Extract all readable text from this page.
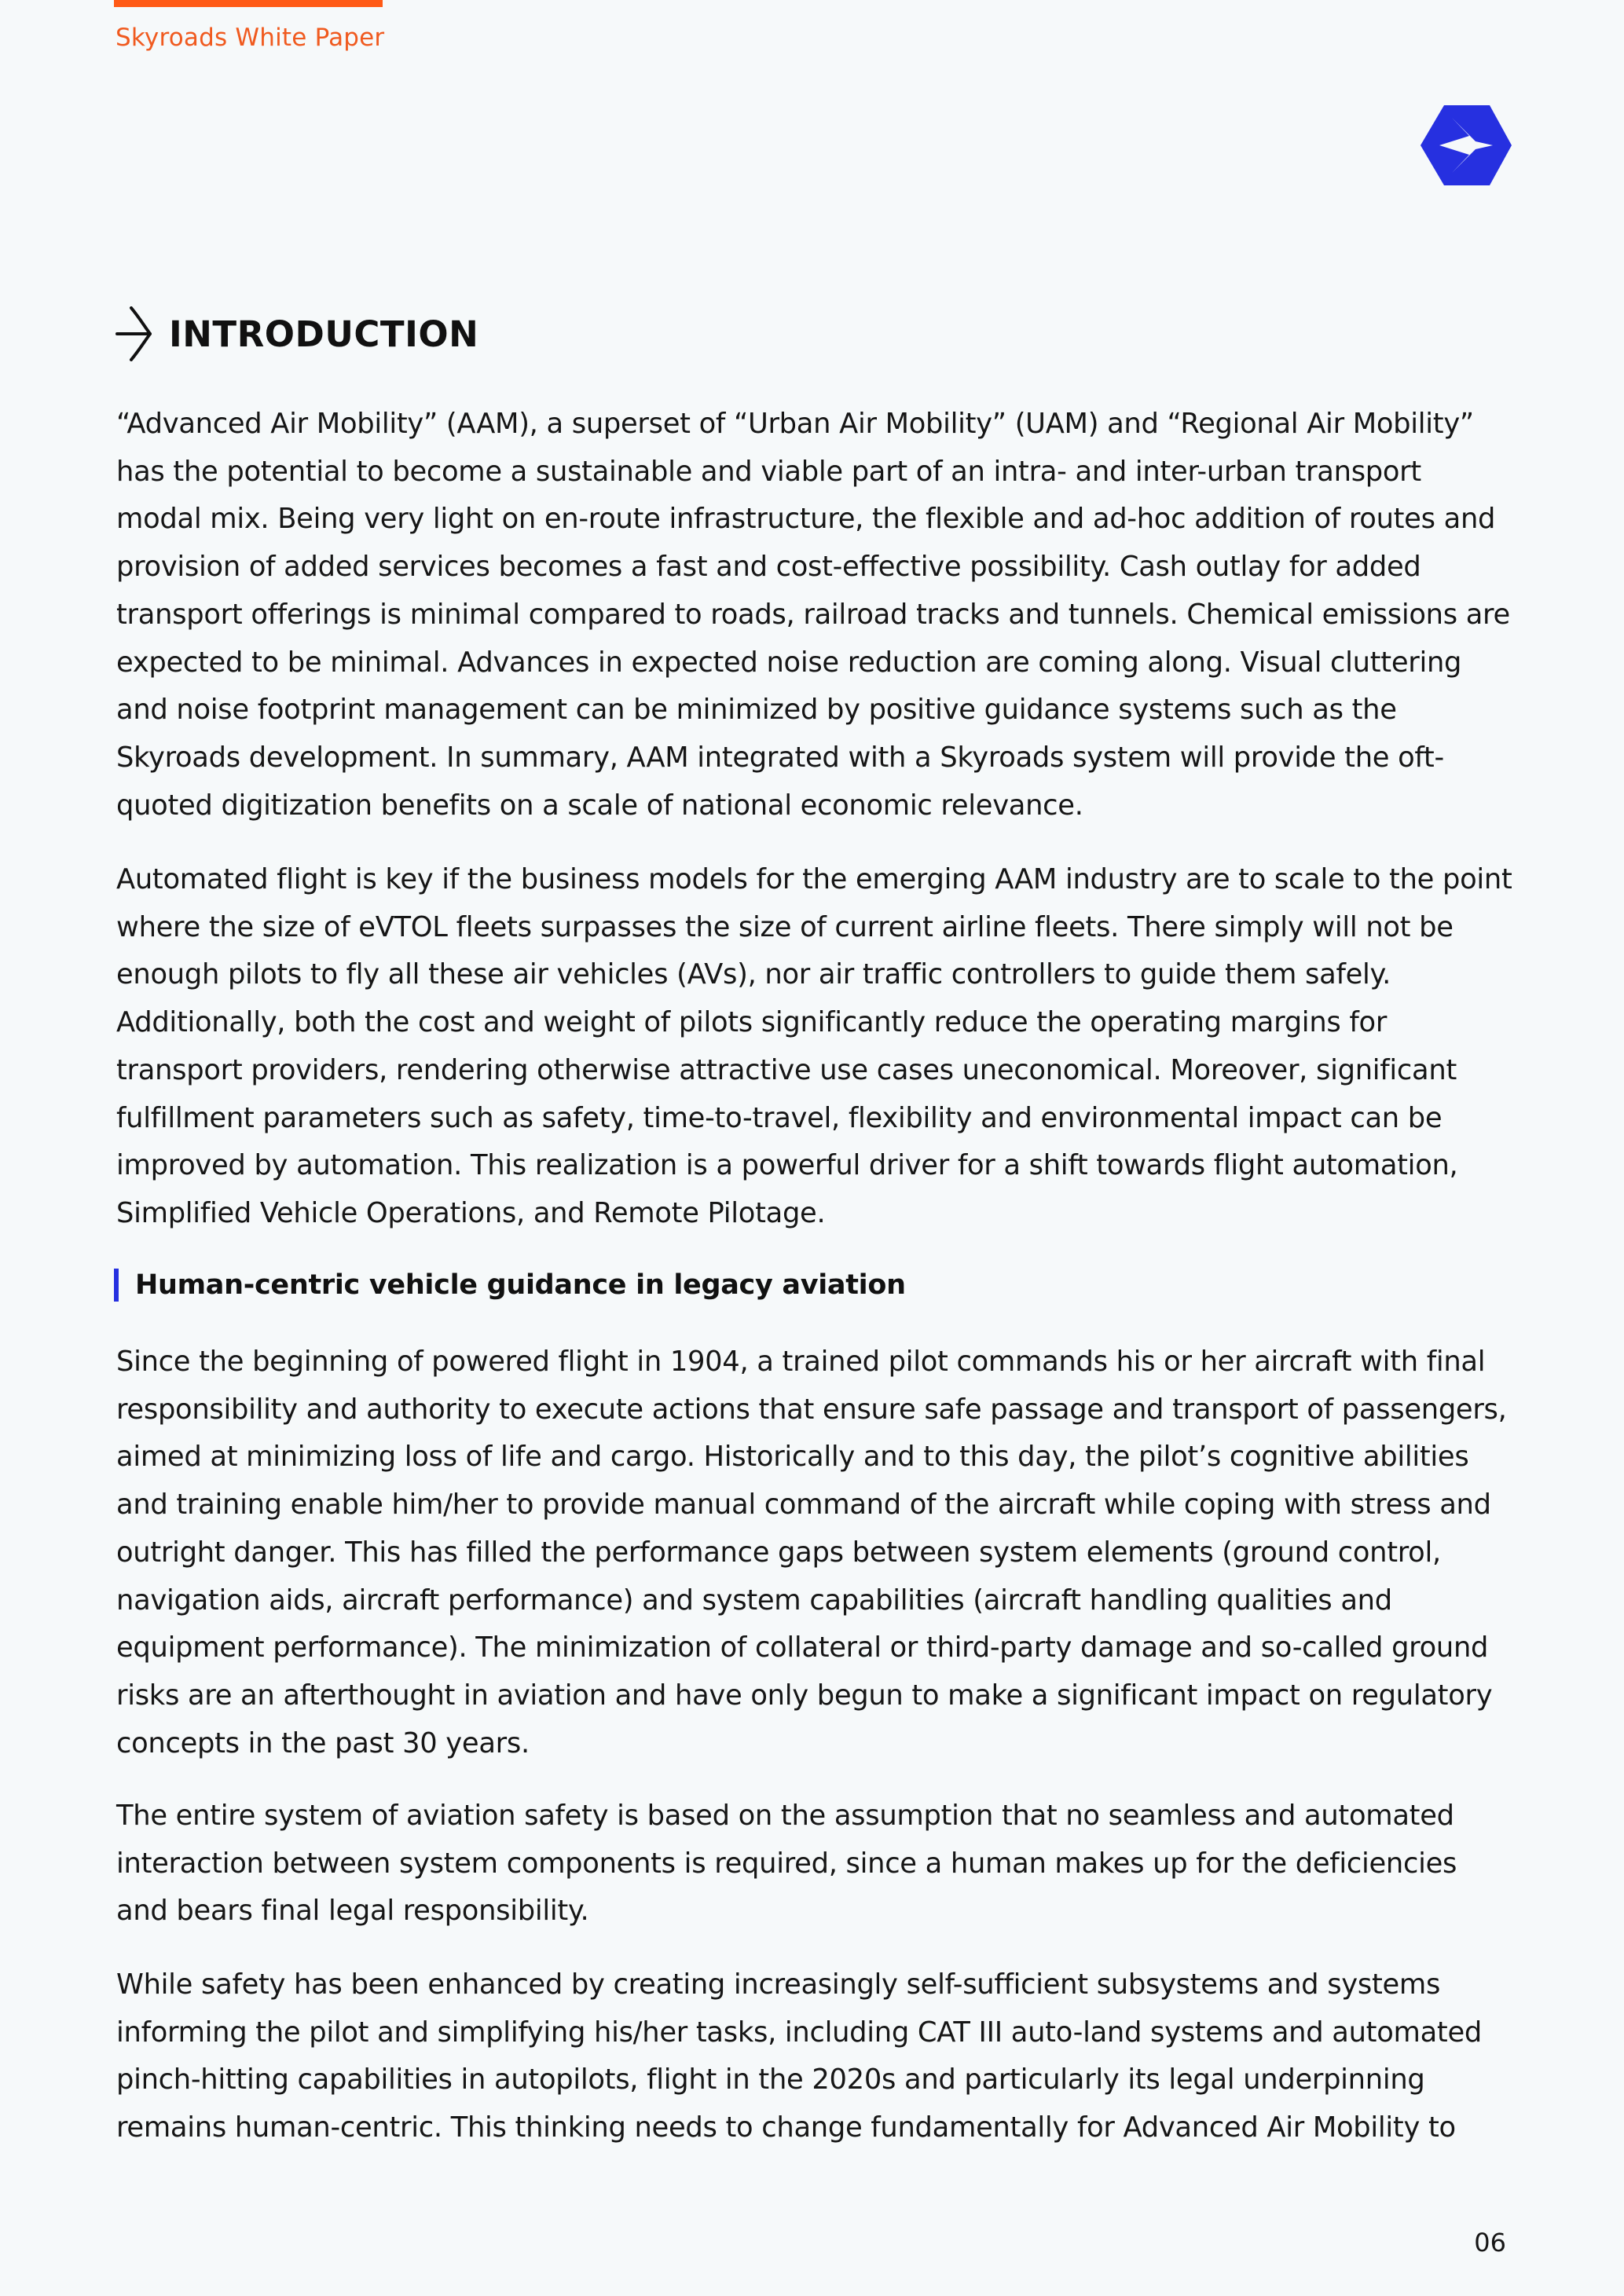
Skyroads White Paper
INTRODUCTION

“Advanced Air Mobility” (AAM), a superset of “Urban Air Mobility” (UAM) and “Regional Air Mobility” has the potential to become a sustainable and viable part of an intra- and inter-urban transport modal mix. Being very light on en-route infrastructure, the flexible and ad-hoc addition of routes and provision of added services becomes a fast and cost-effective possibility. Cash outlay for added transport offerings is minimal compared to roads, railroad tracks and tunnels. Chemical emissions are expected to be minimal. Advances in expected noise reduction are coming along. Visual cluttering and noise footprint management can be minimized by positive guidance systems such as the Skyroads development. In summary, AAM integrated with a Skyroads system will provide the oft-quoted digitization benefits on a scale of national economic relevance.

Automated flight is key if the business models for the emerging AAM industry are to scale to the point where the size of eVTOL fleets surpasses the size of current airline fleets. There simply will not be enough pilots to fly all these air vehicles (AVs), nor air traffic controllers to guide them safely. Additionally, both the cost and weight of pilots significantly reduce the operating margins for transport providers, rendering otherwise attractive use cases uneconomical. Moreover, significant fulfillment parameters such as safety, time-to-travel, flexibility and environmental impact can be improved by automation. This realization is a powerful driver for a shift towards flight automation, Simplified Vehicle Operations, and Remote Pilotage.

Human-centric vehicle guidance in legacy aviation

Since the beginning of powered flight in 1904, a trained pilot commands his or her aircraft with final responsibility and authority to execute actions that ensure safe passage and transport of passengers, aimed at minimizing loss of life and cargo. Historically and to this day, the pilot’s cognitive abilities and training enable him/her to provide manual command of the aircraft while coping with stress and outright danger. This has filled the performance gaps between system elements (ground control, navigation aids, aircraft performance) and system capabilities (aircraft handling qualities and equipment performance). The minimization of collateral or third-party damage and so-called ground risks are an afterthought in aviation and have only begun to make a significant impact on regulatory concepts in the past 30 years.

The entire system of aviation safety is based on the assumption that no seamless and automated interaction between system components is required, since a human makes up for the deficiencies and bears final legal responsibility.

While safety has been enhanced by creating increasingly self-sufficient subsystems and systems informing the pilot and simplifying his/her tasks, including CAT III auto-land systems and automated pinch-hitting capabilities in autopilots, flight in the 2020s and particularly its legal underpinning remains human-centric. This thinking needs to change fundamentally for Advanced Air Mobility to

06
